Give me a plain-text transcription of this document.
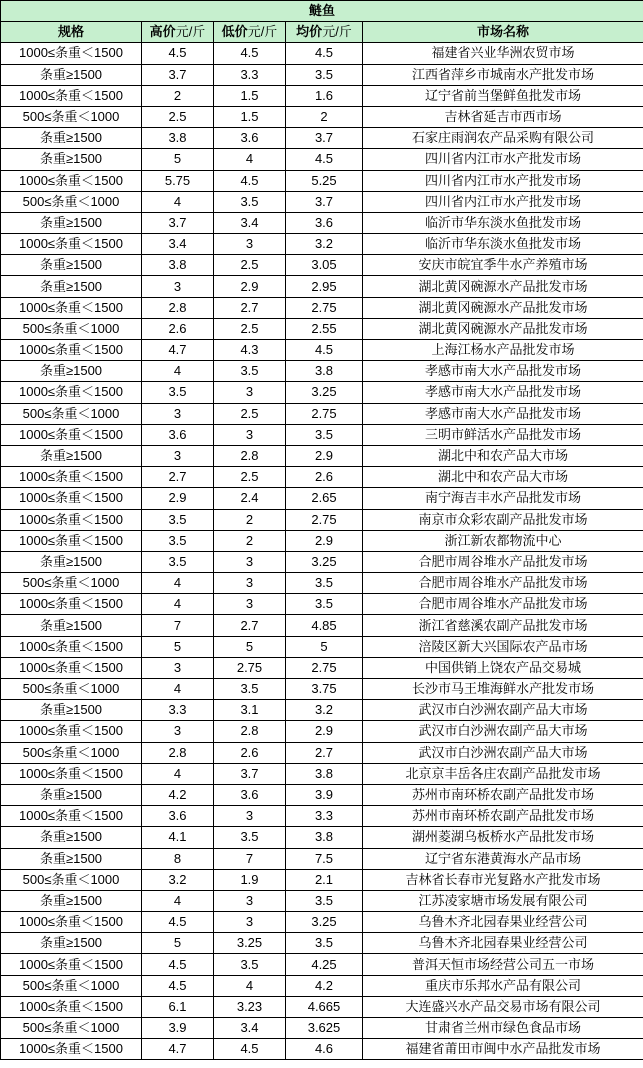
鲢鱼				
规格	高价元/斤	低价元/斤	均价元/斤	市场名称
1000≤条重＜1500	4.5	4.5	4.5	福建省兴业华洲农贸市场
条重≥1500	3.7	3.3	3.5	江西省萍乡市城南水产批发市场
1000≤条重＜1500	2	1.5	1.6	辽宁省前当堡鲜鱼批发市场
500≤条重＜1000	2.5	1.5	2	吉林省延吉市西市场
条重≥1500	3.8	3.6	3.7	石家庄雨润农产品采购有限公司
条重≥1500	5	4	4.5	四川省内江市水产批发市场
1000≤条重＜1500	5.75	4.5	5.25	四川省内江市水产批发市场
500≤条重＜1000	4	3.5	3.7	四川省内江市水产批发市场
条重≥1500	3.7	3.4	3.6	临沂市华东淡水鱼批发市场
1000≤条重＜1500	3.4	3	3.2	临沂市华东淡水鱼批发市场
条重≥1500	3.8	2.5	3.05	安庆市皖宜季牛水产养殖市场
条重≥1500	3	2.9	2.95	湖北黄冈碗源水产品批发市场
1000≤条重＜1500	2.8	2.7	2.75	湖北黄冈碗源水产品批发市场
500≤条重＜1000	2.6	2.5	2.55	湖北黄冈碗源水产品批发市场
1000≤条重＜1500	4.7	4.3	4.5	上海江杨水产品批发市场
条重≥1500	4	3.5	3.8	孝感市南大水产品批发市场
1000≤条重＜1500	3.5	3	3.25	孝感市南大水产品批发市场
500≤条重＜1000	3	2.5	2.75	孝感市南大水产品批发市场
1000≤条重＜1500	3.6	3	3.5	三明市鲜活水产品批发市场
条重≥1500	3	2.8	2.9	湖北中和农产品大市场
1000≤条重＜1500	2.7	2.5	2.6	湖北中和农产品大市场
1000≤条重＜1500	2.9	2.4	2.65	南宁海吉丰水产品批发市场
1000≤条重＜1500	3.5	2	2.75	南京市众彩农副产品批发市场
1000≤条重＜1500	3.5	2	2.9	浙江新农都物流中心
条重≥1500	3.5	3	3.25	合肥市周谷堆水产品批发市场
500≤条重＜1000	4	3	3.5	合肥市周谷堆水产品批发市场
1000≤条重＜1500	4	3	3.5	合肥市周谷堆水产品批发市场
条重≥1500	7	2.7	4.85	浙江省慈溪农副产品批发市场
1000≤条重＜1500	5	5	5	涪陵区新大兴国际农产品市场
1000≤条重＜1500	3	2.75	2.75	中国供销上饶农产品交易城
500≤条重＜1000	4	3.5	3.75	长沙市马王堆海鲜水产批发市场
条重≥1500	3.3	3.1	3.2	武汉市白沙洲农副产品大市场
1000≤条重＜1500	3	2.8	2.9	武汉市白沙洲农副产品大市场
500≤条重＜1000	2.8	2.6	2.7	武汉市白沙洲农副产品大市场
1000≤条重＜1500	4	3.7	3.8	北京京丰岳各庄农副产品批发市场
条重≥1500	4.2	3.6	3.9	苏州市南环桥农副产品批发市场
1000≤条重＜1500	3.6	3	3.3	苏州市南环桥农副产品批发市场
条重≥1500	4.1	3.5	3.8	湖州菱湖乌板桥水产品批发市场
条重≥1500	8	7	7.5	辽宁省东港黄海水产品市场
500≤条重＜1000	3.2	1.9	2.1	吉林省长春市光复路水产批发市场
条重≥1500	4	3	3.5	江苏凌家塘市场发展有限公司
1000≤条重＜1500	4.5	3	3.25	乌鲁木齐北园春果业经营公司
条重≥1500	5	3.25	3.5	乌鲁木齐北园春果业经营公司
1000≤条重＜1500	4.5	3.5	4.25	普洱天恒市场经营公司五一市场
500≤条重＜1000	4.5	4	4.2	重庆市乐邦水产品有限公司
1000≤条重＜1500	6.1	3.23	4.665	大连盛兴水产品交易市场有限公司
500≤条重＜1000	3.9	3.4	3.625	甘肃省兰州市绿色食品市场
1000≤条重＜1500	4.7	4.5	4.6	福建省莆田市闽中水产品批发市场
